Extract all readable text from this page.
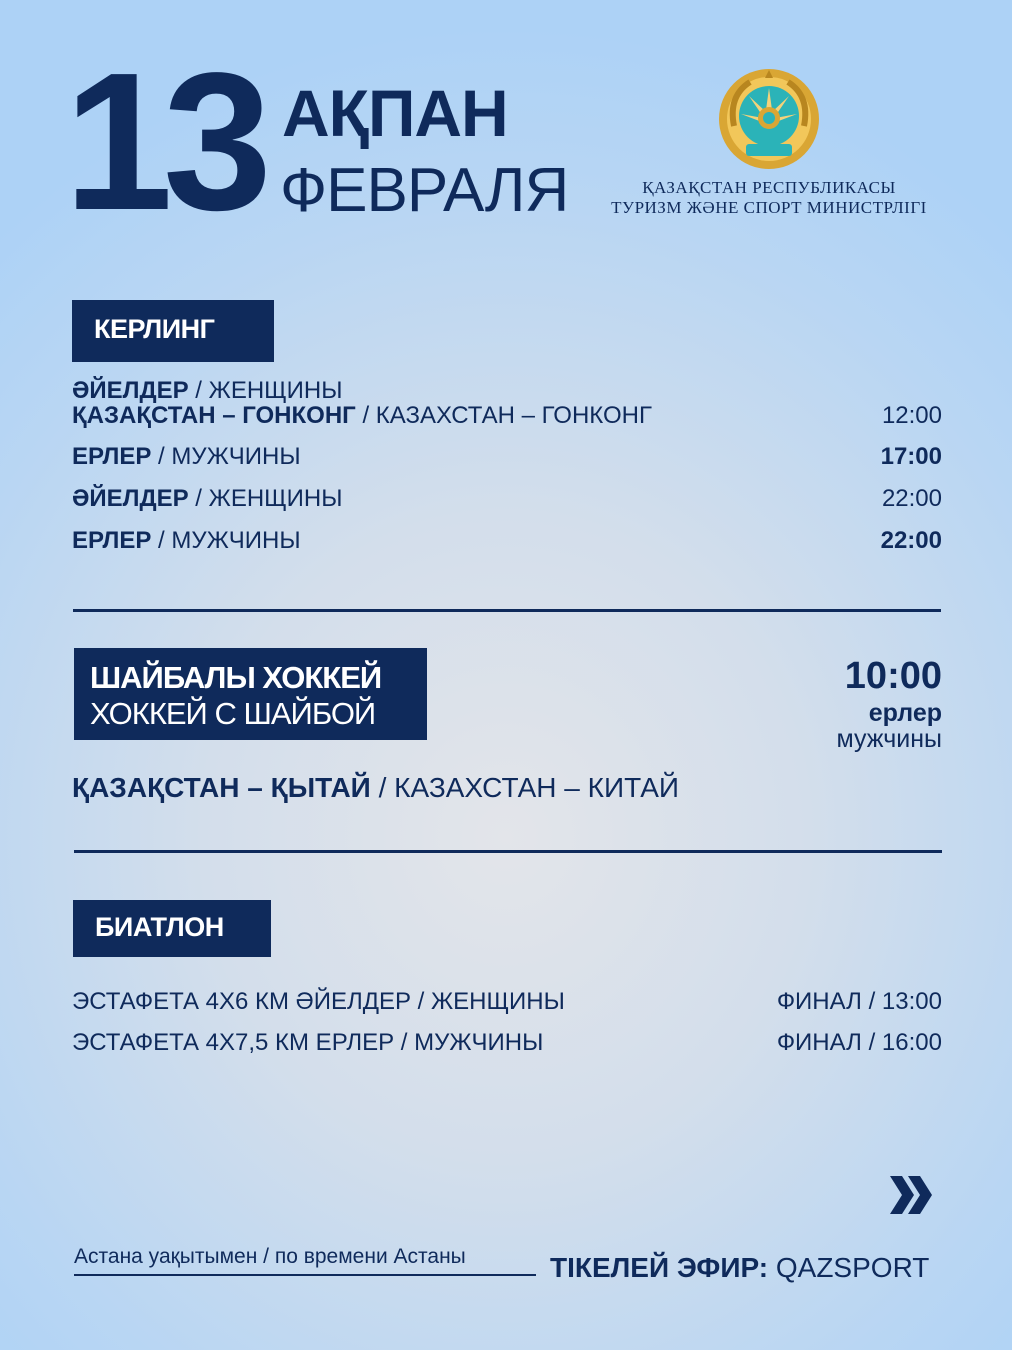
13 АҚПАН
ФЕВРАЛЯ	ҚАЗАҚСТАН РЕСПУБЛИКАСЫ
ТУРИЗМ ЖӘНЕ СПОРТ МИНИСТРЛІГІ
КЕРЛИНГ
ӘЙЕЛДЕР / ЖЕНЩИНЫ
ҚАЗАҚСТАН – ГОНКОНГ / КАЗАХСТАН – ГОНКОНГ	12:00
ЕРЛЕР / МУЖЧИНЫ	17:00
ӘЙЕЛДЕР / ЖЕНЩИНЫ	22:00
ЕРЛЕР / МУЖЧИНЫ	22:00
ШАЙБАЛЫ ХОККЕЙ
ХОККЕЙ С ШАЙБОЙ
10:00
ерлер
мужчины
ҚАЗАҚСТАН – ҚЫТАЙ / КАЗАХСТАН – КИТАЙ
БИАТЛОН
ЭСТАФЕТА 4Х6 КМ ӘЙЕЛДЕР / ЖЕНЩИНЫ	ФИНАЛ / 13:00
ЭСТАФЕТА 4Х7,5 КМ ЕРЛЕР / МУЖЧИНЫ	ФИНАЛ / 16:00
Астана уақытымен / по времени Астаны	ТІКЕЛЕЙ ЭФИР: QAZSPORT
